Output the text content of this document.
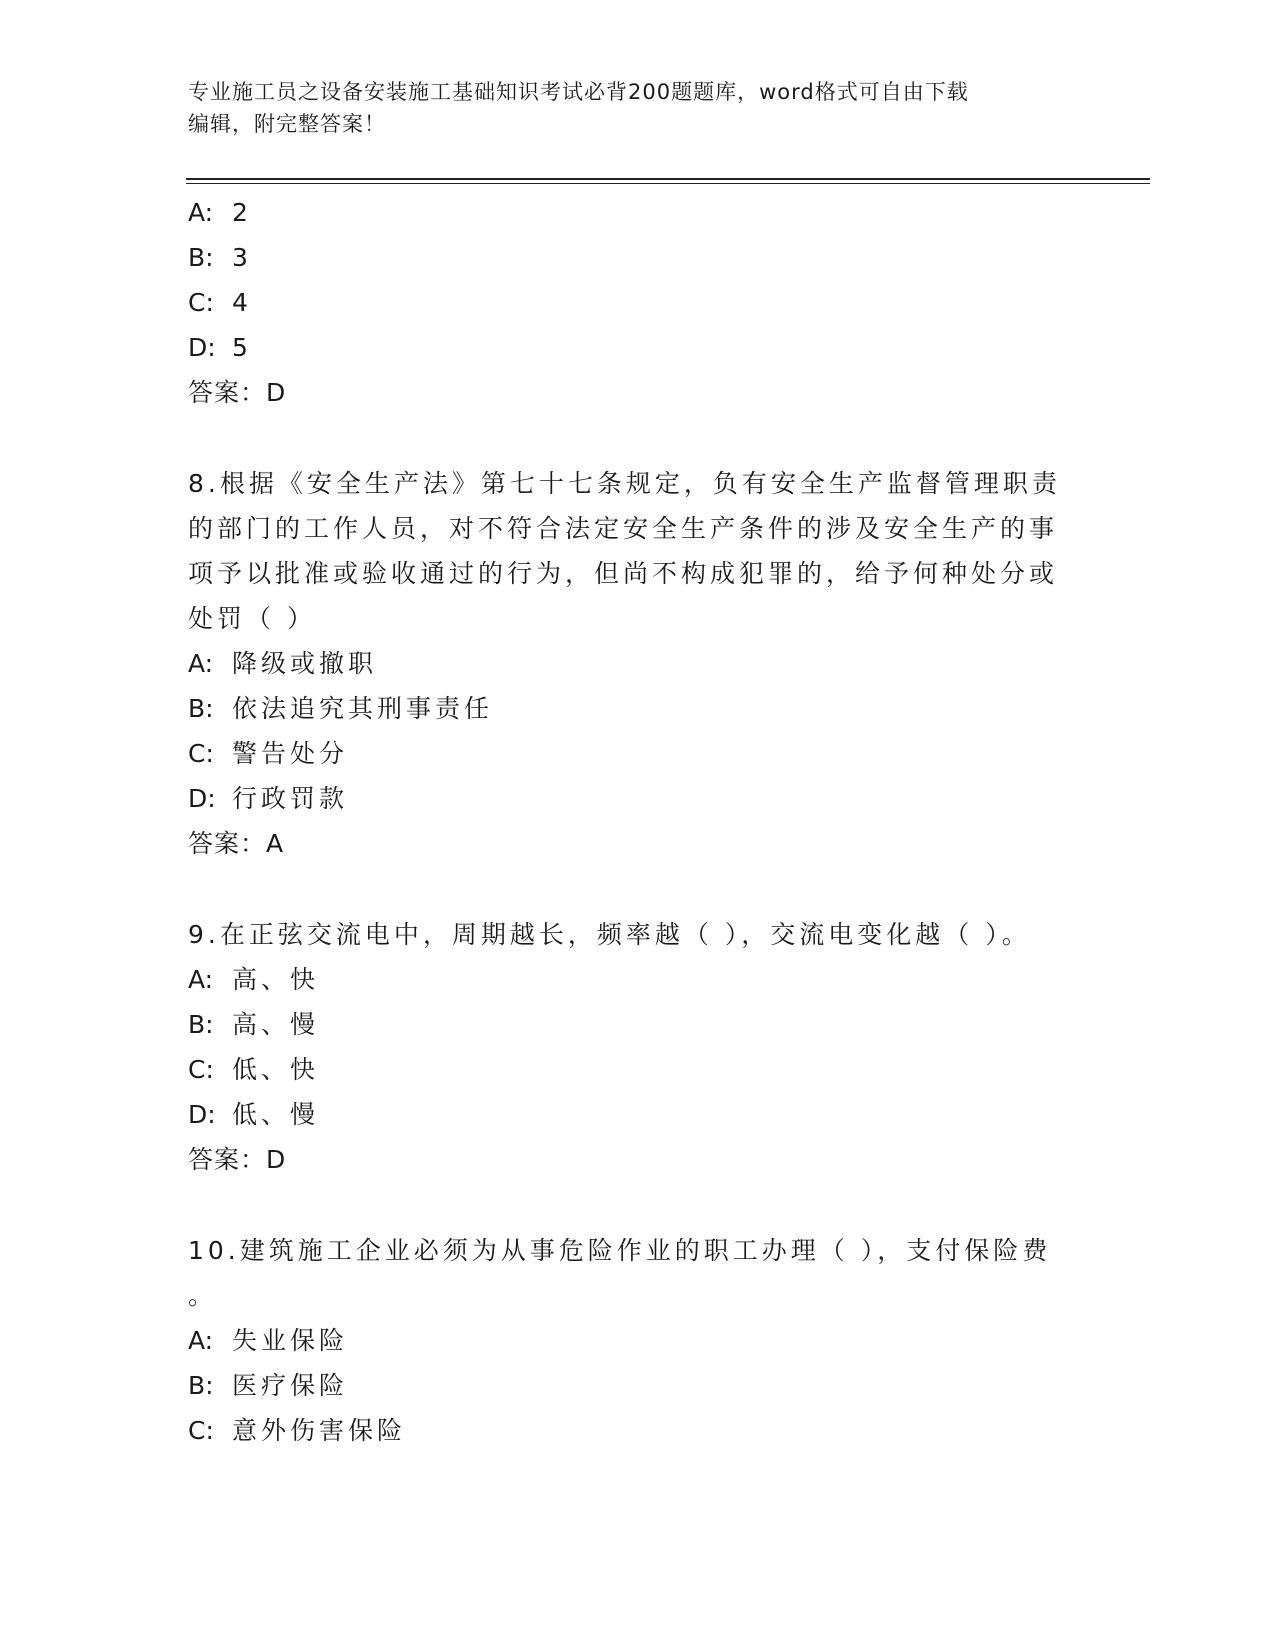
专业施工员之设备安装施工基础知识考试必背200题题库，word格式可自由下载
编辑，附完整答案！
A: 2
B: 3
C: 4
D: 5
答案：D
8.根据《安全生产法》第七十七条规定，负有安全生产监督管理职责
的部门的工作人员，对不符合法定安全生产条件的涉及安全生产的事
项予以批准或验收通过的行为，但尚不构成犯罪的，给予何种处分或
处罚（ ）
A: 降级或撤职
B: 依法追究其刑事责任
C: 警告处分
D: 行政罚款
答案：A
9.在正弦交流电中，周期越长，频率越（ ），交流电变化越（ ）。
A: 高、快
B: 高、慢
C: 低、快
D: 低、慢
答案：D
10.建筑施工企业必须为从事危险作业的职工办理（ ），支付保险费
。
A: 失业保险
B: 医疗保险
C: 意外伤害保险
